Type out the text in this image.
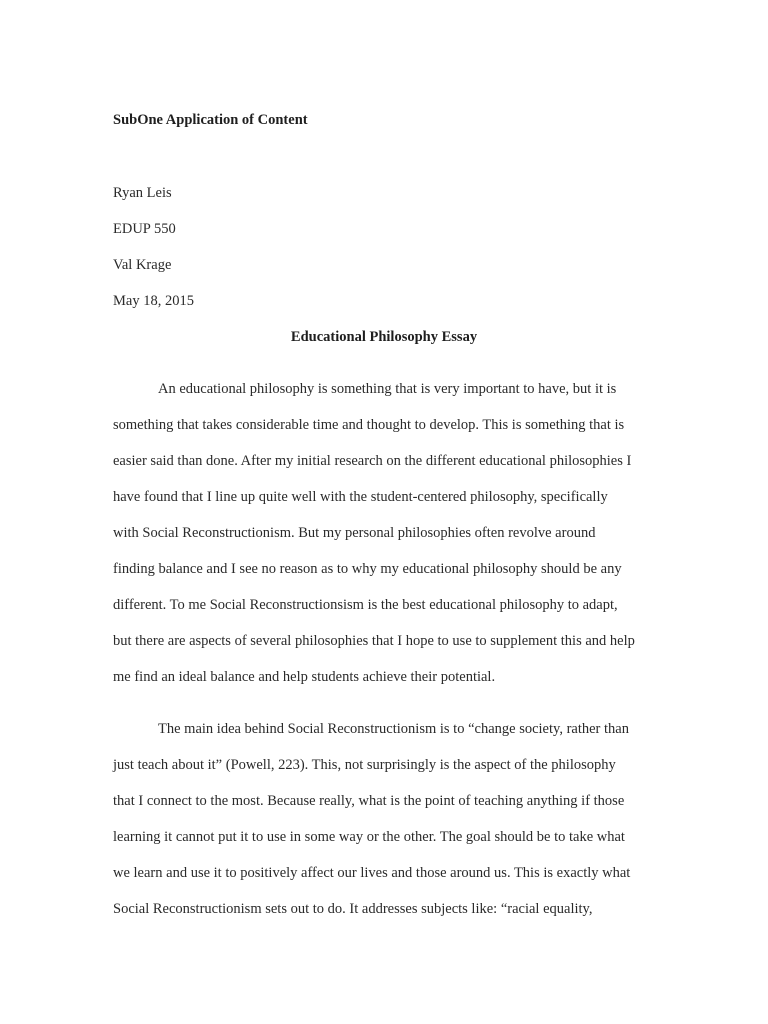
SubOne Application of Content
Ryan Leis
EDUP 550
Val Krage
May 18, 2015
Educational Philosophy Essay
An educational philosophy is something that is very important to have, but it is
something that takes considerable time and thought to develop. This is something that is
easier said than done. After my initial research on the different educational philosophies I
have found that I line up quite well with the student-centered philosophy, specifically
with Social Reconstructionism. But my personal philosophies often revolve around
finding balance and I see no reason as to why my educational philosophy should be any
different. To me Social Reconstructionsism is the best educational philosophy to adapt,
but there are aspects of several philosophies that I hope to use to supplement this and help
me find an ideal balance and help students achieve their potential.
The main idea behind Social Reconstructionism is to “change society, rather than
just teach about it” (Powell, 223). This, not surprisingly is the aspect of the philosophy
that I connect to the most. Because really, what is the point of teaching anything if those
learning it cannot put it to use in some way or the other. The goal should be to take what
we learn and use it to positively affect our lives and those around us. This is exactly what
Social Reconstructionism sets out to do. It addresses subjects like: “racial equality,
